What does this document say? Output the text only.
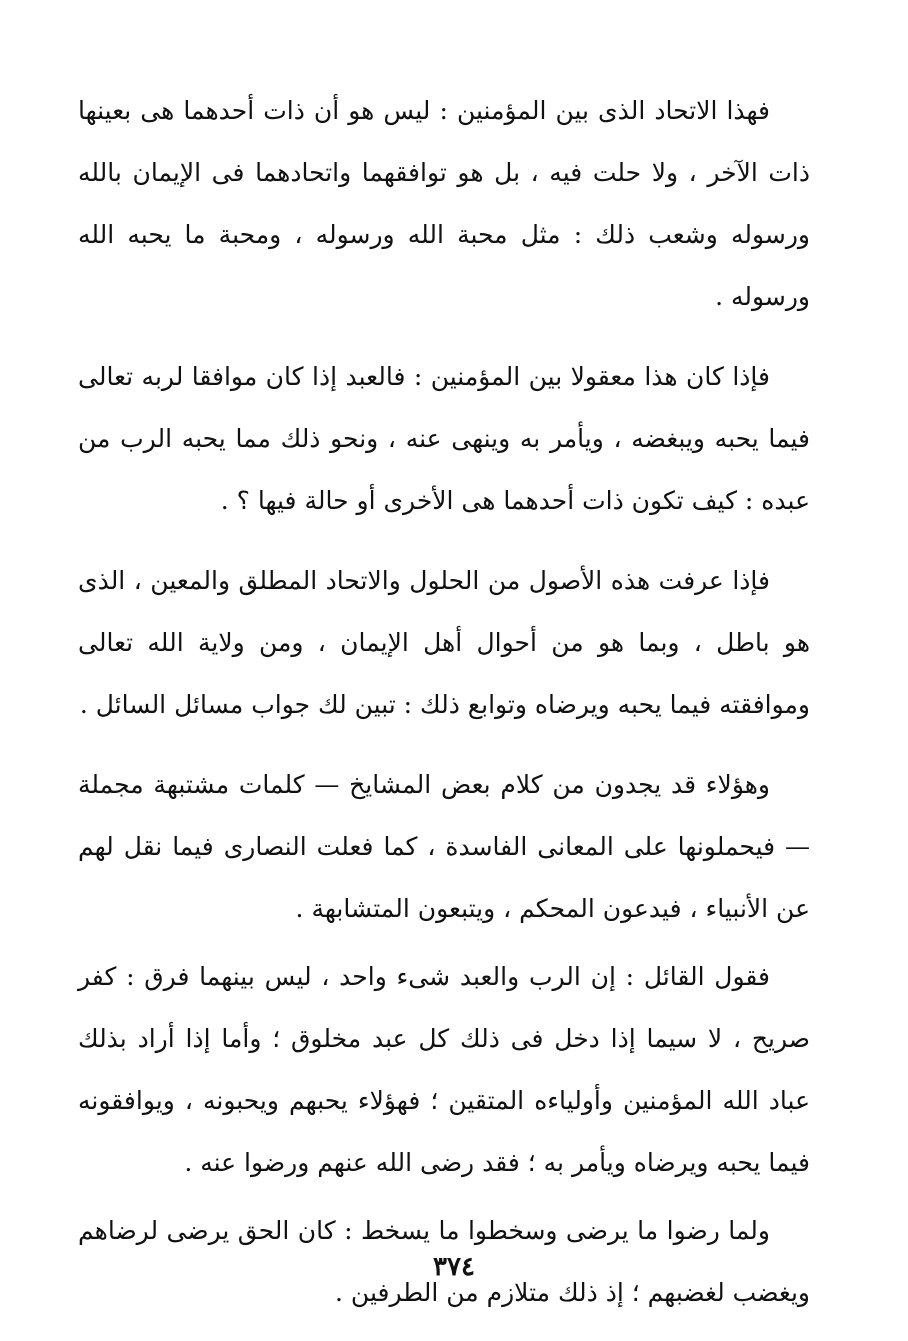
فهذا الاتحاد الذى بين المؤمنين : ليس هو أن ذات أحدهما هى بعينها ذات الآخر ، ولا حلت فيه ، بل هو توافقهما واتحادهما فى الإيمان بالله ورسوله وشعب ذلك : مثل محبة الله ورسوله ، ومحبة ما يحبه الله ورسوله .

فإذا كان هذا معقولا بين المؤمنين : فالعبد إذا كان موافقا لربه تعالى فيما يحبه ويبغضه ، ويأمر به وينهى عنه ، ونحو ذلك مما يحبه الرب من عبده : كيف تكون ذات أحدهما هى الأخرى أو حالة فيها ؟ .

فإذا عرفت هذه الأصول من الحلول والاتحاد المطلق والمعين ، الذى هو باطل ، وبما هو من أحوال أهل الإيمان ، ومن ولاية الله تعالى وموافقته فيما يحبه ويرضاه وتوابع ذلك : تبين لك جواب مسائل السائل .

وهؤلاء قد يجدون من كلام بعض المشايخ — كلمات مشتبهة مجملة — فيحملونها على المعانى الفاسدة ، كما فعلت النصارى فيما نقل لهم عن الأنبياء ، فيدعون المحكم ، ويتبعون المتشابهة .

فقول القائل : إن الرب والعبد شىء واحد ، ليس بينهما فرق : كفر صريح ، لا سيما إذا دخل فى ذلك كل عبد مخلوق ؛ وأما إذا أراد بذلك عباد الله المؤمنين وأولياءه المتقين ؛ فهؤلاء يحبهم ويحبونه ، ويوافقونه فيما يحبه ويرضاه ويأمر به ؛ فقد رضى الله عنهم ورضوا عنه .

ولما رضوا ما يرضى وسخطوا ما يسخط : كان الحق يرضى لرضاهم ويغضب لغضبهم ؛ إذ ذلك متلازم من الطرفين .

٣٧٤
